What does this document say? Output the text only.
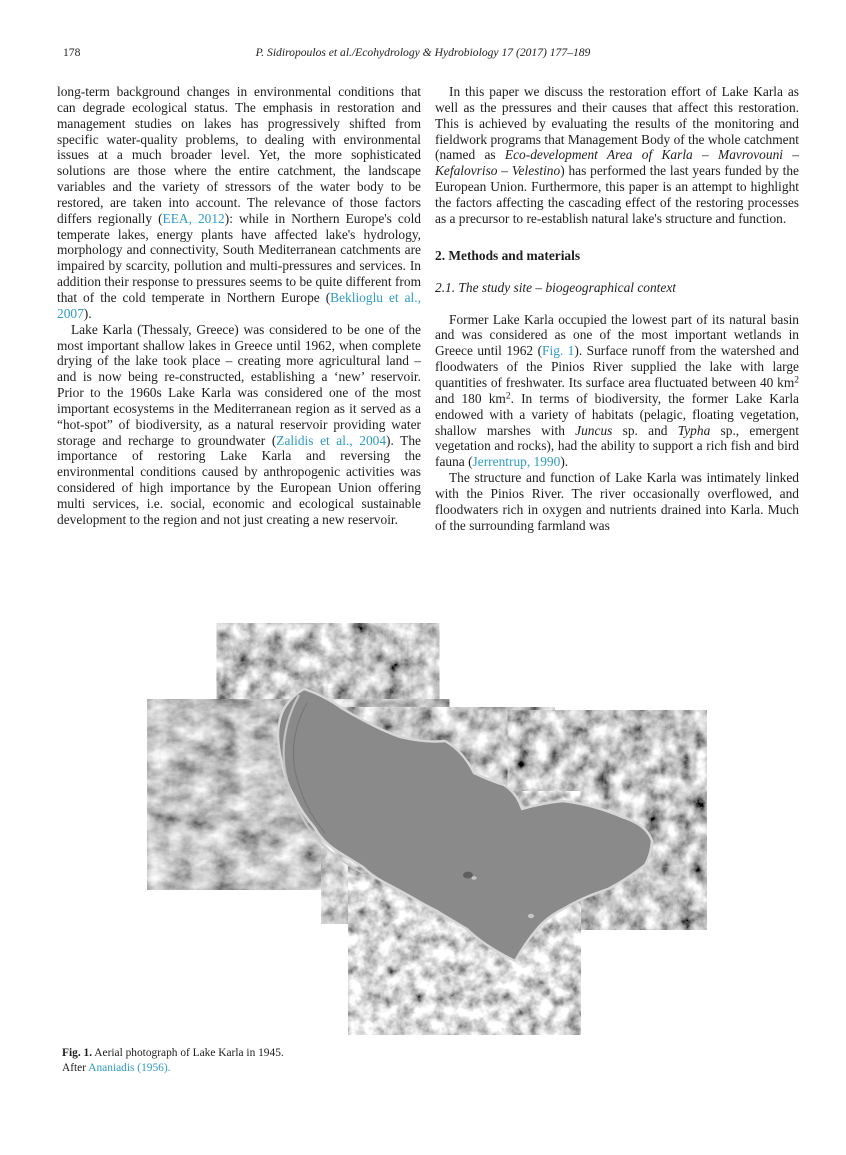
178	P. Sidiropoulos et al./Ecohydrology & Hydrobiology 17 (2017) 177–189

long-term background changes in environmental conditions that can degrade ecological status. The emphasis in restoration and management studies on lakes has progressively shifted from specific water-quality problems, to dealing with environmental issues at a much broader level. Yet, the more sophisticated solutions are those where the entire catchment, the landscape variables and the variety of stressors of the water body to be restored, are taken into account. The relevance of those factors differs regionally (EEA, 2012): while in Northern Europe's cold temperate lakes, energy plants have affected lake's hydrology, morphology and connectivity, South Mediterranean catchments are impaired by scarcity, pollution and multi-pressures and services. In addition their response to pressures seems to be quite different from that of the cold temperate in Northern Europe (Beklioglu et al., 2007).

Lake Karla (Thessaly, Greece) was considered to be one of the most important shallow lakes in Greece until 1962, when complete drying of the lake took place – creating more agricultural land – and is now being re-constructed, establishing a ‘new’ reservoir. Prior to the 1960s Lake Karla was considered one of the most important ecosystems in the Mediterranean region as it served as a “hot-spot” of biodiversity, as a natural reservoir providing water storage and recharge to groundwater (Zalidis et al., 2004). The importance of restoring Lake Karla and reversing the environmental conditions caused by anthropogenic activities was considered of high importance by the European Union offering multi services, i.e. social, economic and ecological sustainable development to the region and not just creating a new reservoir.

In this paper we discuss the restoration effort of Lake Karla as well as the pressures and their causes that affect this restoration. This is achieved by evaluating the results of the monitoring and fieldwork programs that Management Body of the whole catchment (named as Eco-development Area of Karla – Mavrovouni – Kefalovriso – Velestino) has performed the last years funded by the European Union. Furthermore, this paper is an attempt to highlight the factors affecting the cascading effect of the restoring processes as a precursor to re-establish natural lake's structure and function.

2. Methods and materials
2.1. The study site – biogeographical context

Former Lake Karla occupied the lowest part of its natural basin and was considered as one of the most important wetlands in Greece until 1962 (Fig. 1). Surface runoff from the watershed and floodwaters of the Pinios River supplied the lake with large quantities of freshwater. Its surface area fluctuated between 40 $km^2$ and 180 $km^2$. In terms of biodiversity, the former Lake Karla endowed with a variety of habitats (pelagic, floating vegetation, shallow marshes with Juncus sp. and Typha sp., emergent vegetation and rocks), had the ability to support a rich fish and bird fauna (Jerrentrup, 1990).

The structure and function of Lake Karla was intimately linked with the Pinios River. The river occasionally overflowed, and floodwaters rich in oxygen and nutrients drained into Karla. Much of the surrounding farmland was

Fig. 1. Aerial photograph of Lake Karla in 1945.
After Ananiadis (1956).
